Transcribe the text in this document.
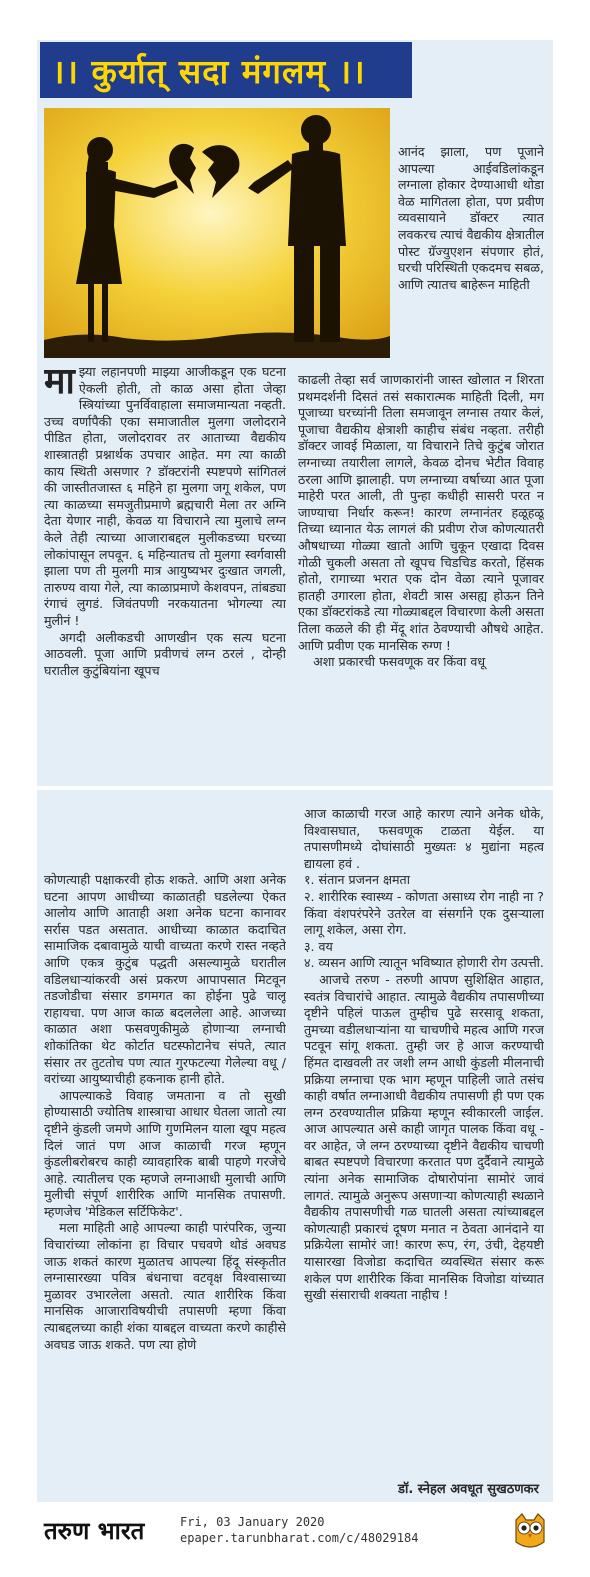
।। कुर्यात् सदा मंगलम् ।।

माझ्या लहानपणी माझ्या आजीकडून एक घटना ऐकली होती, तो काळ असा होता जेव्हा स्त्रियांच्या पुनर्विवाहाला समाजमान्यता नव्हती. उच्च वर्णापैकी एका समाजातील मुलगा जलोदराने पीडित होता, जलोदरावर तर आताच्या वैद्यकीय शास्त्रातही प्रश्नार्थक उपचार आहेत. मग त्या काळी काय स्थिती असणार ? डॉक्टरांनी स्पष्टपणे सांगितलं की जास्तीतजास्त ६ महिने हा मुलगा जगू शकेल, पण त्या काळच्या समजुतीप्रमाणे ब्रह्मचारी मेला तर अग्नि देता येणार नाही, केवळ या विचाराने त्या मुलाचे लग्न केले तेही त्याच्या आजाराबद्दल मुलीकडच्या घरच्या लोकांपासून लपवून. ६ महिन्यातच तो मुलगा स्वर्गवासी झाला पण ती मुलगी मात्र आयुष्यभर दुःखात जगली, तारुण्य वाया गेले, त्या काळाप्रमाणे केशवपन, तांबड्या रंगाचं लुगडं. जिवंतपणी नरकयातना भोगल्या त्या मुलीनं !

अगदी अलीकडची आणखीन एक सत्य घटना आठवली. पूजा आणि प्रवीणचं लग्न ठरलं , दोन्ही घरातील कुटुंबियांना खूपच

आनंद झाला, पण पूजाने आपल्या आईवडिलांकडून लग्नाला होकार देण्याआधी थोडा वेळ मागितला होता, पण प्रवीण व्यवसायाने डॉक्टर त्यात लवकरच त्याचं वैद्यकीय क्षेत्रातील पोस्ट ग्रॅज्युएशन संपणार होतं, घरची परिस्थिती एकदमच सबळ, आणि त्यातच बाहेरून माहिती

काढली तेव्हा सर्व जाणकारांनी जास्त खोलात न शिरता प्रथमदर्शनी दिसतं तसं सकारात्मक माहिती दिली, मग पूजाच्या घरच्यांनी तिला समजावून लग्नास तयार केलं, पूजाचा वैद्यकीय क्षेत्राशी काहीच संबंध नव्हता. तरीही डॉक्टर जावई मिळाला, या विचाराने तिचे कुटुंब जोरात लग्नाच्या तयारीला लागले, केवळ दोनच भेटीत विवाह ठरला आणि झालाही. पण लग्नाच्या वर्षाच्या आत पूजा माहेरी परत आली, ती पुन्हा कधीही सासरी परत न जाण्याचा निर्धार करून! कारण लग्नानंतर हळूहळू तिच्या ध्यानात येऊ लागलं की प्रवीण रोज कोणत्यातरी औषधाच्या गोळ्या खातो आणि चुकून एखादा दिवस गोळी चुकली असता तो खूपच चिडचिड करतो, हिंसक होतो, रागाच्या भरात एक दोन वेळा त्याने पूजावर हातही उगारला होता, शेवटी त्रास असह्य होऊन तिने एका डॉक्टरांकडे त्या गोळ्याबद्दल विचारणा केली असता तिला कळले की ही मेंदू शांत ठेवण्याची औषधे आहेत. आणि प्रवीण एक मानसिक रुग्ण !

अशा प्रकारची फसवणूक वर किंवा वधू

कोणत्याही पक्षाकरवी होऊ शकते. आणि अशा अनेक घटना आपण आधीच्या काळातही घडलेल्या ऐकत आलोय आणि आताही अशा अनेक घटना कानावर सर्रास पडत असतात. आधीच्या काळात कदाचित सामाजिक दबावामुळे याची वाच्यता करणे रास्त नव्हते आणि एकत्र कुटुंब पद्धती असल्यामुळे घरातील वडिलधाऱ्यांकरवी असं प्रकरण आपापसात मिटवून तडजोडीचा संसार डगमगत का होईना पुढे चालू राहायचा. पण आज काळ बदललेला आहे. आजच्या काळात अशा फसवणुकीमुळे होणाऱ्या लग्नाची शोकांतिका थेट कोर्टात घटस्फोटानेच संपते, त्यात संसार तर तुटतोच पण त्यात गुरफटल्या गेलेल्या वधू /वरांच्या आयुष्याचीही हकनाक हानी होते.

आपल्याकडे विवाह जमताना व तो सुखी होण्यासाठी ज्योतिष शास्त्राचा आधार घेतला जातो त्या दृष्टीने कुंडली जमणे आणि गुणमिलन याला खूप महत्व दिलं जातं पण आज काळाची गरज म्हणून कुंडलीबरोबरच काही व्यावहारिक बाबी पाहणे गरजेचे आहे. त्यातीलच एक म्हणजे लग्नाआधी मुलाची आणि मुलीची संपूर्ण शारीरिक आणि मानसिक तपासणी. म्हणजेच 'मेडिकल सर्टिफिकेट'.

मला माहिती आहे आपल्या काही पारंपरिक, जुन्या विचारांच्या लोकांना हा विचार पचवणे थोडं अवघड जाऊ शकतं कारण मुळातच आपल्या हिंदू संस्कृतीत लग्नासारख्या पवित्र बंधनाचा वटवृक्ष विश्वासाच्या मुळावर उभारलेला असतो. त्यात शारीरिक किंवा मानसिक आजाराविषयीची तपासणी म्हणा किंवा त्याबद्दलच्या काही शंका याबद्दल वाच्यता करणे काहीसे अवघड जाऊ शकते. पण त्या होणे

आज काळाची गरज आहे कारण त्याने अनेक धोके, विश्वासघात, फसवणूक टाळता येईल. या तपासणीमध्ये दोघांसाठी मुख्यतः ४ मुद्यांना महत्व द्यायला हवं .

१. संतान प्रजनन क्षमता

२. शारीरिक स्वास्थ्य - कोणता असाध्य रोग नाही ना ? किंवा वंशपरंपरेने उतरेल वा संसर्गाने एक दुसऱ्याला लागू शकेल, असा रोग.

३. वय

४. व्यसन आणि त्यातून भविष्यात होणारी रोग उत्पत्ती.

आजचे तरुण - तरुणी आपण सुशिक्षित आहात, स्वतंत्र विचारांचे आहात. त्यामुळे वैद्यकीय तपासणीच्या दृष्टीने पहिलं पाऊल तुम्हीच पुढे सरसावू शकता, तुमच्या वडीलधाऱ्यांना या चाचणीचे महत्व आणि गरज पटवून सांगू शकता. तुम्ही जर हे आज करण्याची हिंमत दाखवली तर जशी लग्न आधी कुंडली मीलनाची प्रक्रिया लग्नाचा एक भाग म्हणून पाहिली जाते तसंच काही वर्षात लग्नाआधी वैद्यकीय तपासणी ही पण एक लग्न ठरवण्यातील प्रक्रिया म्हणून स्वीकारली जाईल. आज आपल्यात असे काही जागृत पालक किंवा वधू - वर आहेत, जे लग्न ठरण्याच्या दृष्टीने वैद्यकीय चाचणी बाबत स्पष्टपणे विचारणा करतात पण दुर्दैवाने त्यामुळे त्यांना अनेक सामाजिक दोषारोपांना सामोरं जावं लागतं. त्यामुळे अनुरूप असणाऱ्या कोणत्याही स्थळाने वैद्यकीय तपासणीची गळ घातली असता त्यांच्याबद्दल कोणत्याही प्रकारचं दूषण मनात न ठेवता आनंदाने या प्रक्रियेला सामोरं जा! कारण रूप, रंग, उंची, देहयष्टी यासारखा विजोडा कदाचित व्यवस्थित संसार करू शकेल पण शारीरिक किंवा मानसिक विजोडा यांच्यात सुखी संसाराची शक्यता नाहीच !

डॉ. स्नेहल अवधूत सुखठणकर
तरुण भारत	Fri, 03 January 2020
epaper.tarunbharat.com/c/48029184
